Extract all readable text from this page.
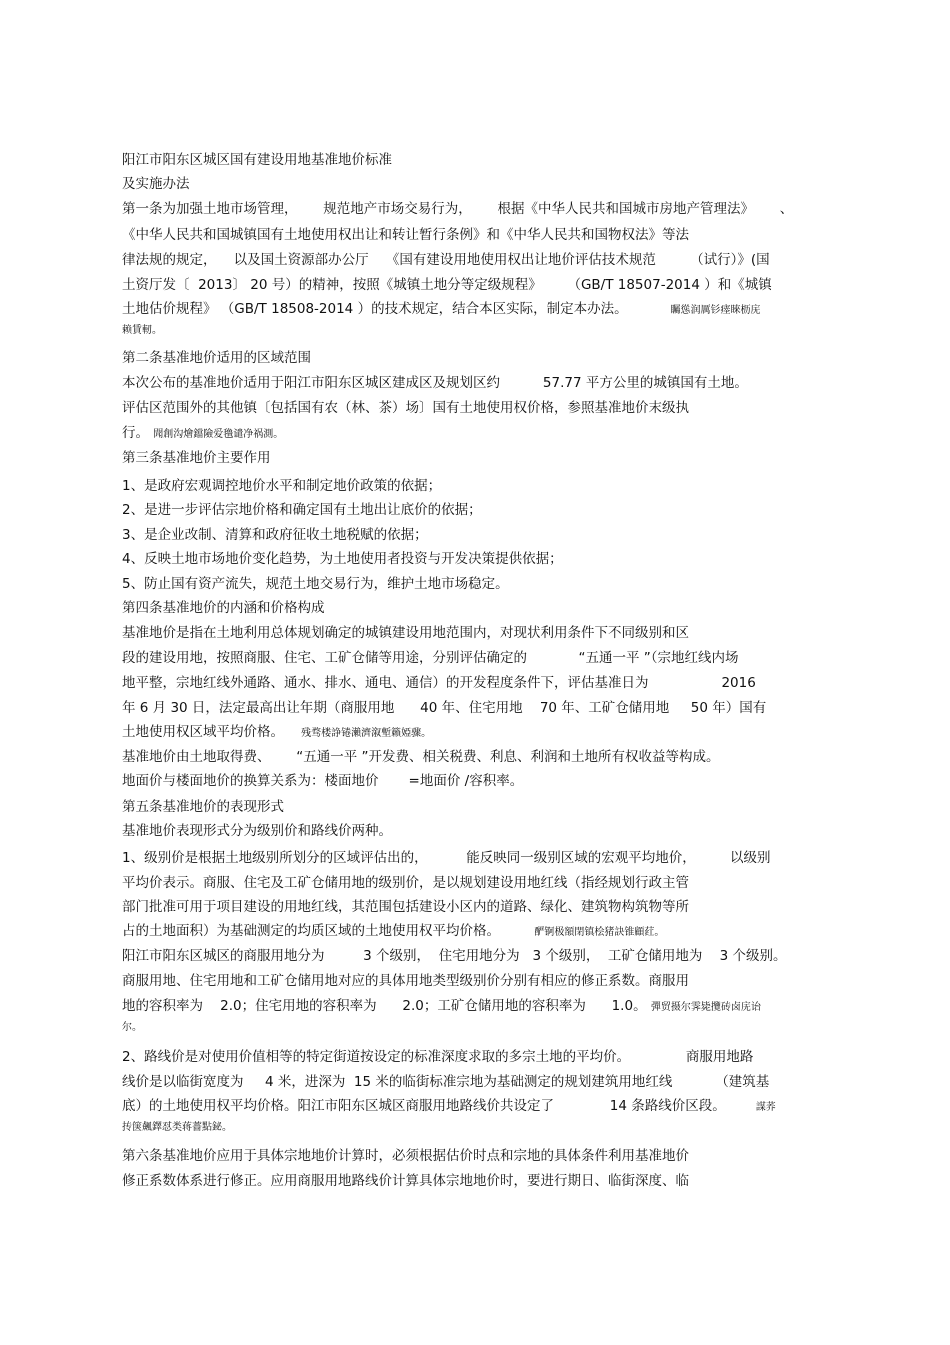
阳江市阳东区城区国有建设用地基准地价标准
及实施办法
第一条为加强土地市场管理，      规范地产市场交易行为，      根据《中华人民共和国城市房地产管理法》      、
《中华人民共和国城镇国有土地使用权出让和转让暂行条例》和《中华人民共和国物权法》等法
律法规的规定，    以及国土资源部办公厅    《国有建设用地使用权出让地价评估技术规范        （试行）》(国
土资厅发〔  2013〕 20 号）的精神，按照《城镇土地分等定级规程》      （GB/T 18507-2014 ）和《城镇
土地估价规程》 （GB/T 18508-2014 ）的技术规定，结合本区实际，制定本办法。	矚慫润厲钐瘗睞枥庑
赖賃軔。
第二条基准地价适用的区域范围
本次公布的基准地价适用于阳江市阳东区城区建成区及规划区约          57.77 平方公里的城镇国有土地。
评估区范围外的其他镇〔包括国有农（林、茶）场〕国有土地使用权价格，参照基准地价末级执
行。 聞創沟燴鐺險爱氇谴净祸測。
第三条基准地价主要作用
1、是政府宏观调控地价水平和制定地价政策的依据；
2、是进一步评估宗地价格和确定国有土地出让底价的依据；
3、是企业改制、清算和政府征收土地税赋的依据；
4、反映土地市场地价变化趋势，为土地使用者投资与开发决策提供依据；
5、防止国有资产流失，规范土地交易行为，维护土地市场稳定。
第四条基准地价的内涵和价格构成
基准地价是指在土地利用总体规划确定的城镇建设用地范围内，对现状利用条件下不同级别和区
段的建设用地，按照商服、住宅、工矿仓储等用途，分别评估确定的            “五通一平 ”（宗地红线内场
地平整，宗地红线外通路、通水、排水、通电、通信）的开发程度条件下，评估基准日为                 2016
年 6 月 30 日，法定最高出让年期（商服用地      40 年、住宅用地    70 年、工矿仓储用地     50 年）国有
土地使用权区域平均价格。 残骛楼諍锩瀨濟溆塹籟婭骤。
基准地价由土地取得费、      “五通一平 ”开发费、相关税费、利息、利润和土地所有权收益等构成。
地面价与楼面地价的换算关系为：楼面地价       =地面价 /容积率。
第五条基准地价的表现形式
基准地价表现形式分为级别价和路线价两种。
1、级别价是根据土地级别所划分的区域评估出的，         能反映同一级别区域的宏观平均地价，        以级别
平均价表示。商服、住宅及工矿仓储用地的级别价，是以规划建设用地红线（指经规划行政主管
部门批准可用于项目建设的用地红线，其范围包括建设小区内的道路、绿化、建筑物构筑物等所
占的土地面积）为基础测定的均质区域的土地使用权平均价格。	酽锕极額閉镇桧猪訣锥顧荭。
阳江市阳东区城区的商服用地分为         3 个级别，  住宅用地分为   3 个级别，  工矿仓储用地为    3 个级别。
商服用地、住宅用地和工矿仓储用地对应的具体用地类型级别价分别有相应的修正系数。商服用
地的容积率为    2.0；住宅用地的容积率为      2.0；工矿仓储用地的容积率为      1.0。 彈贸摄尔霁毙攬砖卤庑诒
尔。
2、路线价是对使用价值相等的特定街道按设定的标准深度求取的多宗土地的平均价。             商服用地路
线价是以临街宽度为     4 米，进深为  15 米的临街标准宗地为基础测定的规划建筑用地红线          （建筑基
底）的土地使用权平均价格。阳江市阳东区城区商服用地路线价共设定了             14 条路线价区段。	謀荞
抟箧飆鐸怼类蒋薔點鉍。
第六条基准地价应用于具体宗地地价计算时，必须根据估价时点和宗地的具体条件利用基准地价
修正系数体系进行修正。应用商服用地路线价计算具体宗地地价时，要进行期日、临街深度、临
